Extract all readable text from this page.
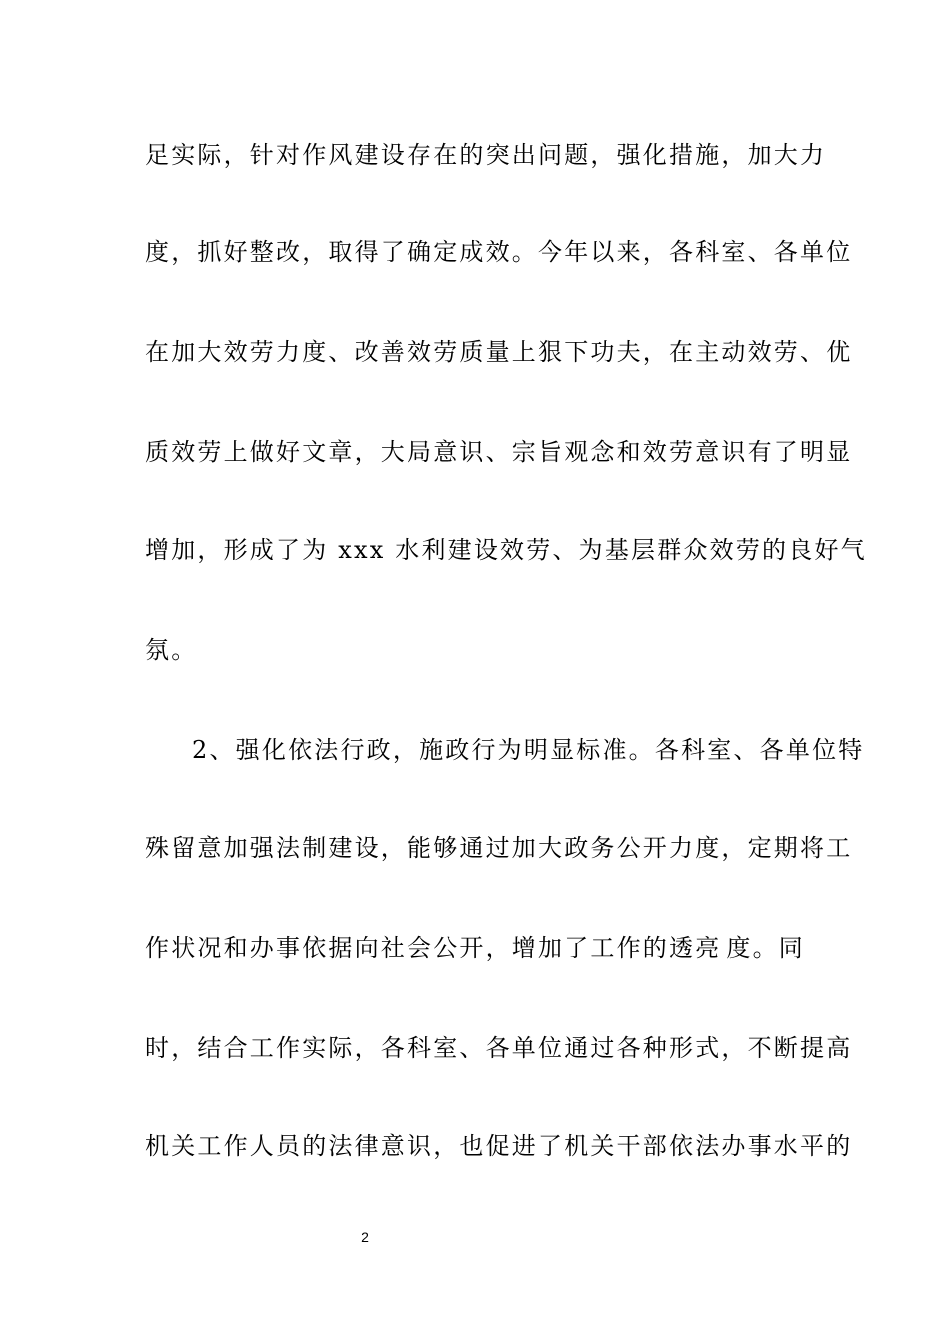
足实际，针对作风建设存在的突出问题，强化措施，加大力
度，抓好整改，取得了确定成效。今年以来，各科室、各单位
在加大效劳力度、改善效劳质量上狠下功夫，在主动效劳、优
质效劳上做好文章，大局意识、宗旨观念和效劳意识有了明显
增加，形成了为 xxx 水利建设效劳、为基层群众效劳的良好气
氛。
2、强化依法行政，施政行为明显标准。各科室、各单位特
殊留意加强法制建设，能够通过加大政务公开力度，定期将工
作状况和办事依据向社会公开，增加了工作的透亮 度。同
时，结合工作实际，各科室、各单位通过各种形式，不断提高
机关工作人员的法律意识，也促进了机关干部依法办事水平的
2
